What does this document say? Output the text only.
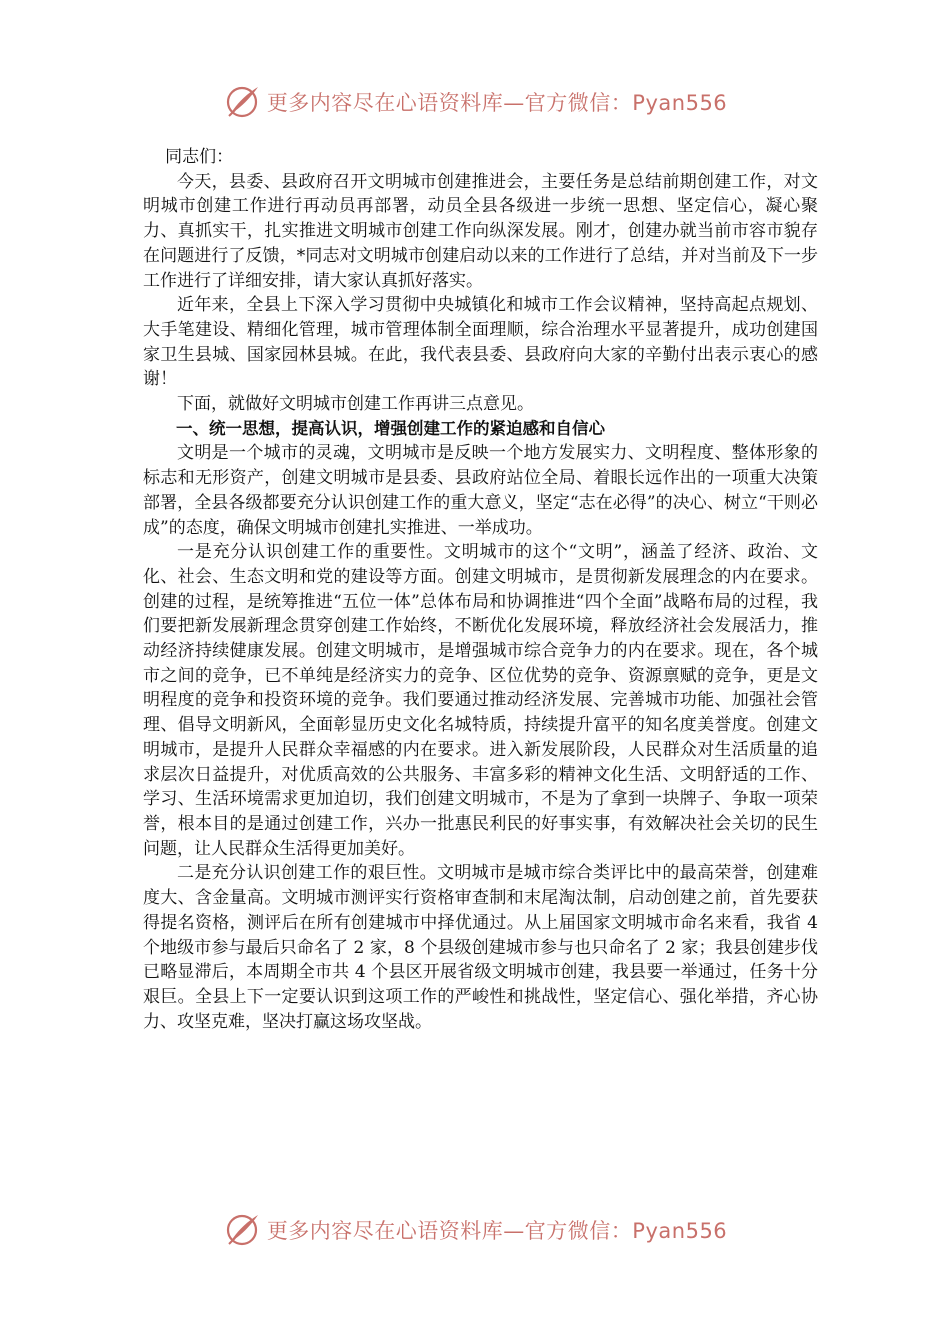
更多内容尽在心语资料库—官方微信：Pyan556

同志们：

今天，县委、县政府召开文明城市创建推进会，主要任务是总结前期创建工作，对文明城市创建工作进行再动员再部署，动员全县各级进一步统一思想、坚定信心，凝心聚力、真抓实干，扎实推进文明城市创建工作向纵深发展。刚才，创建办就当前市容市貌存在问题进行了反馈，*同志对文明城市创建启动以来的工作进行了总结，并对当前及下一步工作进行了详细安排，请大家认真抓好落实。

近年来，全县上下深入学习贯彻中央城镇化和城市工作会议精神，坚持高起点规划、大手笔建设、精细化管理，城市管理体制全面理顺，综合治理水平显著提升，成功创建国家卫生县城、国家园林县城。在此，我代表县委、县政府向大家的辛勤付出表示衷心的感谢！

下面，就做好文明城市创建工作再讲三点意见。

一、统一思想，提高认识，增强创建工作的紧迫感和自信心

文明是一个城市的灵魂，文明城市是反映一个地方发展实力、文明程度、整体形象的标志和无形资产，创建文明城市是县委、县政府站位全局、着眼长远作出的一项重大决策部署，全县各级都要充分认识创建工作的重大意义，坚定“志在必得”的决心、树立“干则必成”的态度，确保文明城市创建扎实推进、一举成功。

一是充分认识创建工作的重要性。文明城市的这个“文明”，涵盖了经济、政治、文化、社会、生态文明和党的建设等方面。创建文明城市，是贯彻新发展理念的内在要求。创建的过程，是统筹推进“五位一体”总体布局和协调推进“四个全面”战略布局的过程，我们要把新发展新理念贯穿创建工作始终，不断优化发展环境，释放经济社会发展活力，推动经济持续健康发展。创建文明城市，是增强城市综合竞争力的内在要求。现在，各个城市之间的竞争，已不单纯是经济实力的竞争、区位优势的竞争、资源禀赋的竞争，更是文明程度的竞争和投资环境的竞争。我们要通过推动经济发展、完善城市功能、加强社会管理、倡导文明新风，全面彰显历史文化名城特质，持续提升富平的知名度美誉度。创建文明城市，是提升人民群众幸福感的内在要求。进入新发展阶段，人民群众对生活质量的追求层次日益提升，对优质高效的公共服务、丰富多彩的精神文化生活、文明舒适的工作、学习、生活环境需求更加迫切，我们创建文明城市，不是为了拿到一块牌子、争取一项荣誉，根本目的是通过创建工作，兴办一批惠民利民的好事实事，有效解决社会关切的民生问题，让人民群众生活得更加美好。

二是充分认识创建工作的艰巨性。文明城市是城市综合类评比中的最高荣誉，创建难度大、含金量高。文明城市测评实行资格审查制和末尾淘汰制，启动创建之前，首先要获得提名资格，测评后在所有创建城市中择优通过。从上届国家文明城市命名来看，我省 4 个地级市参与最后只命名了 2 家，8 个县级创建城市参与也只命名了 2 家；我县创建步伐已略显滞后，本周期全市共 4 个县区开展省级文明城市创建，我县要一举通过，任务十分艰巨。全县上下一定要认识到这项工作的严峻性和挑战性，坚定信心、强化举措，齐心协力、攻坚克难，坚决打赢这场攻坚战。

更多内容尽在心语资料库—官方微信：Pyan556
